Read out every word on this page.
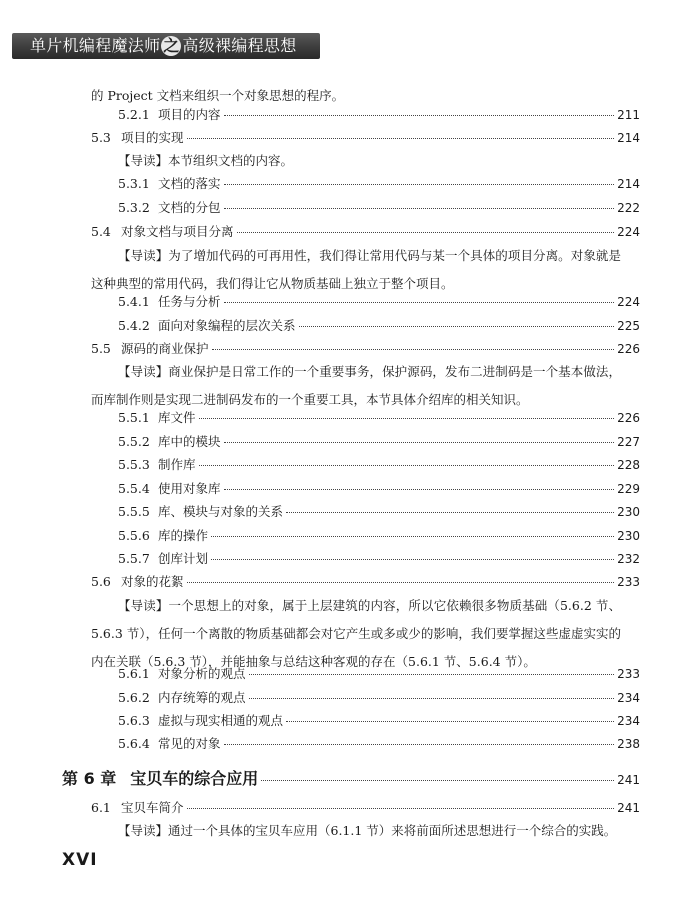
单片机编程魔法师 之 高级裸编程思想
的 Project 文档来组织一个对象思想的程序。
5.2.1 项目的内容	211
5.3 项目的实现	214
【导读】本节组织文档的内容。
5.3.1 文档的落实	214
5.3.2 文档的分包	222
5.4 对象文档与项目分离	224
【导读】为了增加代码的可再用性，我们得让常用代码与某一个具体的项目分离。对象就是这种典型的常用代码，我们得让它从物质基础上独立于整个项目。
5.4.1 任务与分析	224
5.4.2 面向对象编程的层次关系	225
5.5 源码的商业保护	226
【导读】商业保护是日常工作的一个重要事务，保护源码，发布二进制码是一个基本做法，而库制作则是实现二进制码发布的一个重要工具，本节具体介绍库的相关知识。
5.5.1 库文件	226
5.5.2 库中的模块	227
5.5.3 制作库	228
5.5.4 使用对象库	229
5.5.5 库、模块与对象的关系	230
5.5.6 库的操作	230
5.5.7 创库计划	232
5.6 对象的花絮	233
【导读】一个思想上的对象，属于上层建筑的内容，所以它依赖很多物质基础（5.6.2 节、5.6.3 节），任何一个离散的物质基础都会对它产生或多或少的影响，我们要掌握这些虚虚实实的内在关联（5.6.3 节），并能抽象与总结这种客观的存在（5.6.1 节、5.6.4 节）。
5.6.1 对象分析的观点	233
5.6.2 内存统筹的观点	234
5.6.3 虚拟与现实相通的观点	234
5.6.4 常见的对象	238
第 6 章 宝贝车的综合应用	241
6.1 宝贝车简介	241
【导读】通过一个具体的宝贝车应用（6.1.1 节）来将前面所述思想进行一个综合的实践。
XVI
